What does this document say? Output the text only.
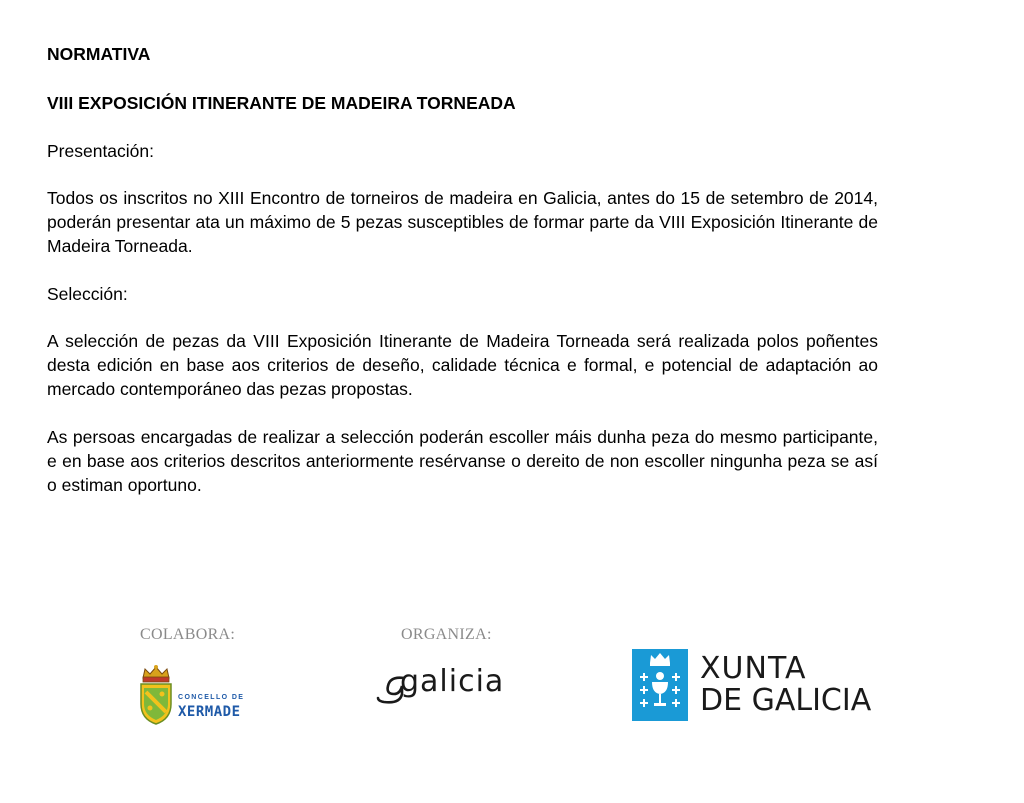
NORMATIVA
VIII EXPOSICIÓN ITINERANTE DE MADEIRA TORNEADA

Presentación:

Todos os inscritos no XIII Encontro de torneiros de madeira en Galicia, antes do 15 de setembro de 2014, poderán presentar ata un máximo de 5 pezas susceptibles de formar parte da VIII Exposición Itinerante de Madeira Torneada.

Selección:

A selección de pezas da VIII Exposición Itinerante de Madeira Torneada será realizada polos poñentes desta edición en base aos criterios de deseño, calidade técnica e formal, e potencial de adaptación ao mercado contemporáneo das pezas propostas.

As persoas encargadas de realizar a selección poderán escoller máis dunha peza do mesmo participante, e en base aos criterios descritos anteriormente resérvanse o dereito de non escoller ningunha peza se así o estiman oportuno.

COLABORA:	ORGANIZA:

CONCELLO DE

XERMADE

galicia	XUNTA

DE GALICIA
